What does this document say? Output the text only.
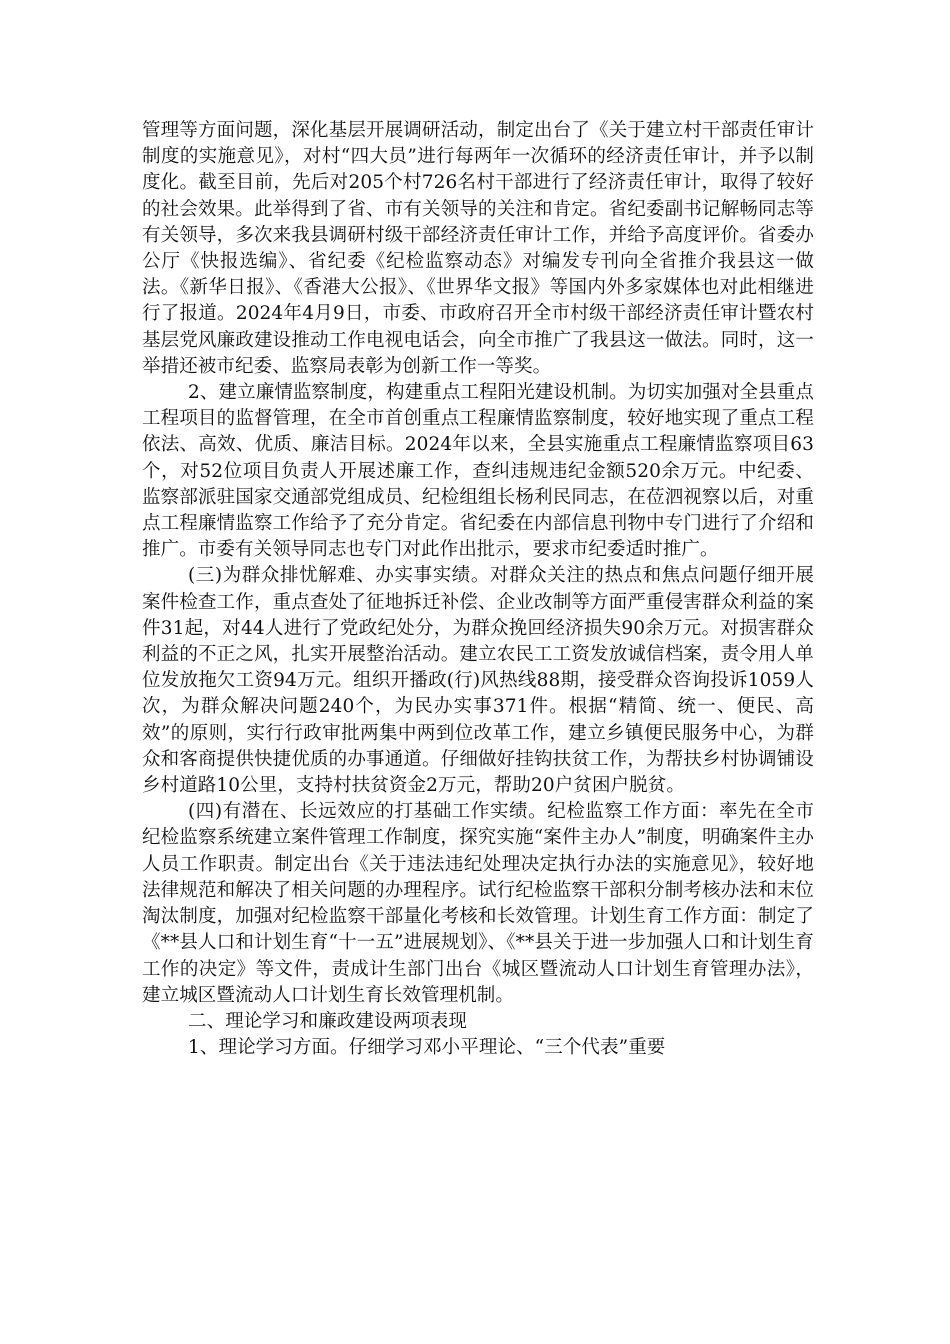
管理等方面问题，深化基层开展调研活动，制定出台了《关于建立村干部责任审计制度的实施意见》，对村“四大员”进行每两年一次循环的经济责任审计，并予以制度化。截至目前，先后对205个村726名村干部进行了经济责任审计，取得了较好的社会效果。此举得到了省、市有关领导的关注和肯定。省纪委副书记解畅同志等有关领导，多次来我县调研村级干部经济责任审计工作，并给予高度评价。省委办公厅《快报选编》、省纪委《纪检监察动态》对编发专刊向全省推介我县这一做法。《新华日报》、《香港大公报》、《世界华文报》等国内外多家媒体也对此相继进行了报道。2024年4月9日，市委、市政府召开全市村级干部经济责任审计暨农村基层党风廉政建设推动工作电视电话会，向全市推广了我县这一做法。同时，这一举措还被市纪委、监察局表彰为创新工作一等奖。

2、建立廉情监察制度，构建重点工程阳光建设机制。为切实加强对全县重点工程项目的监督管理，在全市首创重点工程廉情监察制度，较好地实现了重点工程依法、高效、优质、廉洁目标。2024年以来，全县实施重点工程廉情监察项目63个，对52位项目负责人开展述廉工作，查纠违规违纪金额520余万元。中纪委、监察部派驻国家交通部党组成员、纪检组组长杨利民同志，在莅泗视察以后，对重点工程廉情监察工作给予了充分肯定。省纪委在内部信息刊物中专门进行了介绍和推广。市委有关领导同志也专门对此作出批示，要求市纪委适时推广。

(三)为群众排忧解难、办实事实绩。对群众关注的热点和焦点问题仔细开展案件检查工作，重点查处了征地拆迁补偿、企业改制等方面严重侵害群众利益的案件31起，对44人进行了党政纪处分，为群众挽回经济损失90余万元。对损害群众利益的不正之风，扎实开展整治活动。建立农民工工资发放诚信档案，责令用人单位发放拖欠工资94万元。组织开播政(行)风热线88期，接受群众咨询投诉1059人次，为群众解决问题240个，为民办实事371件。根据“精简、统一、便民、高效”的原则，实行行政审批两集中两到位改革工作，建立乡镇便民服务中心，为群众和客商提供快捷优质的办事通道。仔细做好挂钩扶贫工作，为帮扶乡村协调铺设乡村道路10公里，支持村扶贫资金2万元，帮助20户贫困户脱贫。

(四)有潜在、长远效应的打基础工作实绩。纪检监察工作方面：率先在全市纪检监察系统建立案件管理工作制度，探究实施“案件主办人”制度，明确案件主办人员工作职责。制定出台《关于违法违纪处理决定执行办法的实施意见》，较好地法律规范和解决了相关问题的办理程序。试行纪检监察干部积分制考核办法和末位淘汰制度，加强对纪检监察干部量化考核和长效管理。计划生育工作方面：制定了《**县人口和计划生育“十一五”进展规划》、《**县关于进一步加强人口和计划生育工作的决定》等文件，责成计生部门出台《城区暨流动人口计划生育管理办法》，建立城区暨流动人口计划生育长效管理机制。

二、理论学习和廉政建设两项表现

1、理论学习方面。仔细学习邓小平理论、“三个代表”重要
